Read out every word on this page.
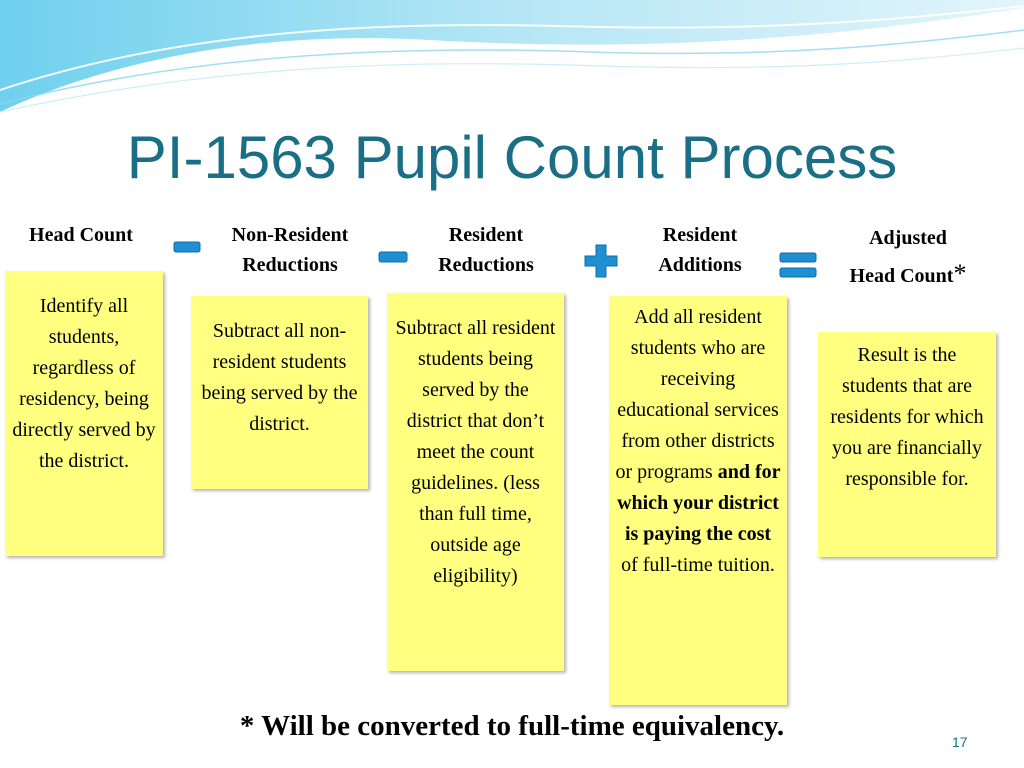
PI-1563 Pupil Count Process
Head Count	Non-Resident
Reductions
Resident
Reductions
Resident
Additions
Adjusted
Head Count*
Identify all students, regardless of residency, being directly served by the district.
Subtract all non-resident students being served by the district.
Subtract all resident students being served by the district that don’t meet the count guidelines. (less than full time, outside age eligibility)
Add all resident students who are receiving educational services from other districts or programs and for which your district is paying the cost of full-time tuition.
Result is the students that are residents for which you are financially responsible for.
* Will be converted to full-time equivalency.	17
